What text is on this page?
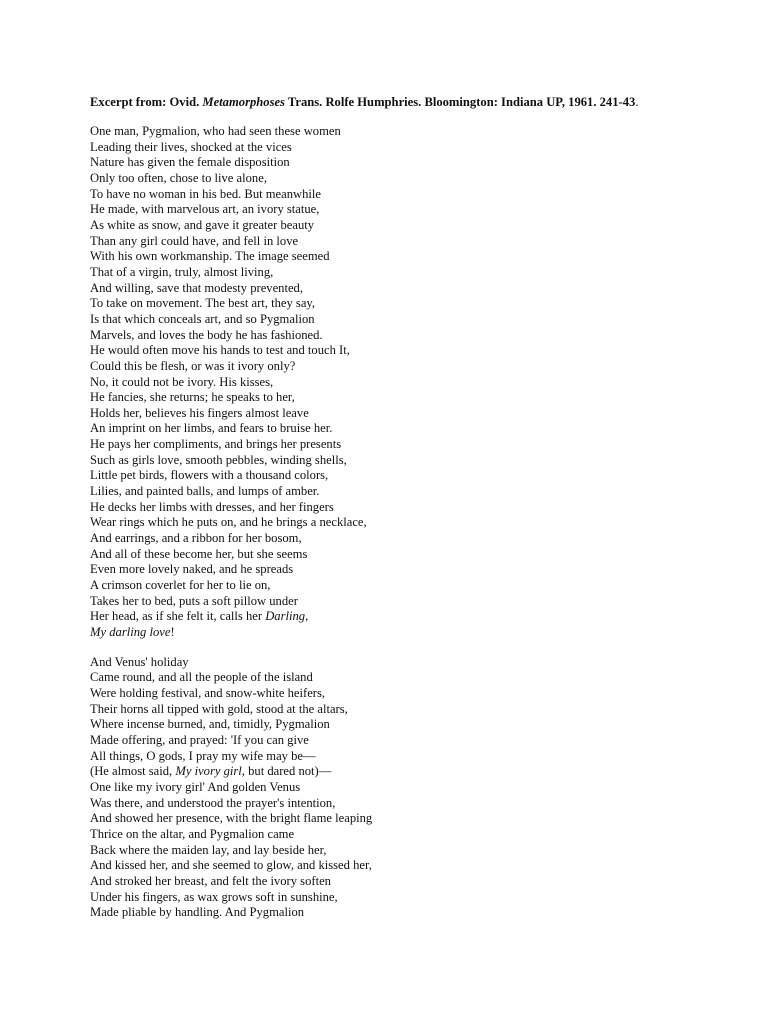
Excerpt from: Ovid. Metamorphoses Trans. Rolfe Humphries. Bloomington: Indiana UP, 1961. 241-43.

One man, Pygmalion, who had seen these women

Leading their lives, shocked at the vices

Nature has given the female disposition

Only too often, chose to live alone,

To have no woman in his bed. But meanwhile

He made, with marvelous art, an ivory statue,

As white as snow, and gave it greater beauty

Than any girl could have, and fell in love

With his own workmanship. The image seemed

That of a virgin, truly, almost living,

And willing, save that modesty prevented,

To take on movement. The best art, they say,

Is that which conceals art, and so Pygmalion

Marvels, and loves the body he has fashioned.

He would often move his hands to test and touch It,

Could this be flesh, or was it ivory only?

No, it could not be ivory. His kisses,

He fancies, she returns; he speaks to her,

Holds her, believes his fingers almost leave

An imprint on her limbs, and fears to bruise her.

He pays her compliments, and brings her presents

Such as girls love, smooth pebbles, winding shells,

Little pet birds, flowers with a thousand colors,

Lilies, and painted balls, and lumps of amber.

He decks her limbs with dresses, and her fingers

Wear rings which he puts on, and he brings a necklace,

And earrings, and a ribbon for her bosom,

And all of these become her, but she seems

Even more lovely naked, and he spreads

A crimson coverlet for her to lie on,

Takes her to bed, puts a soft pillow under

Her head, as if she felt it, calls her Darling,

My darling love!

And Venus' holiday

Came round, and all the people of the island

Were holding festival, and snow-white heifers,

Their horns all tipped with gold, stood at the altars,

Where incense burned, and, timidly, Pygmalion

Made offering, and prayed: 'If you can give

All things, O gods, I pray my wife may be—

(He almost said, My ivory girl, but dared not)—

One like my ivory girl' And golden Venus

Was there, and understood the prayer's intention,

And showed her presence, with the bright flame leaping

Thrice on the altar, and Pygmalion came

Back where the maiden lay, and lay beside her,

And kissed her, and she seemed to glow, and kissed her,

And stroked her breast, and felt the ivory soften

Under his fingers, as wax grows soft in sunshine,

Made pliable by handling. And Pygmalion
